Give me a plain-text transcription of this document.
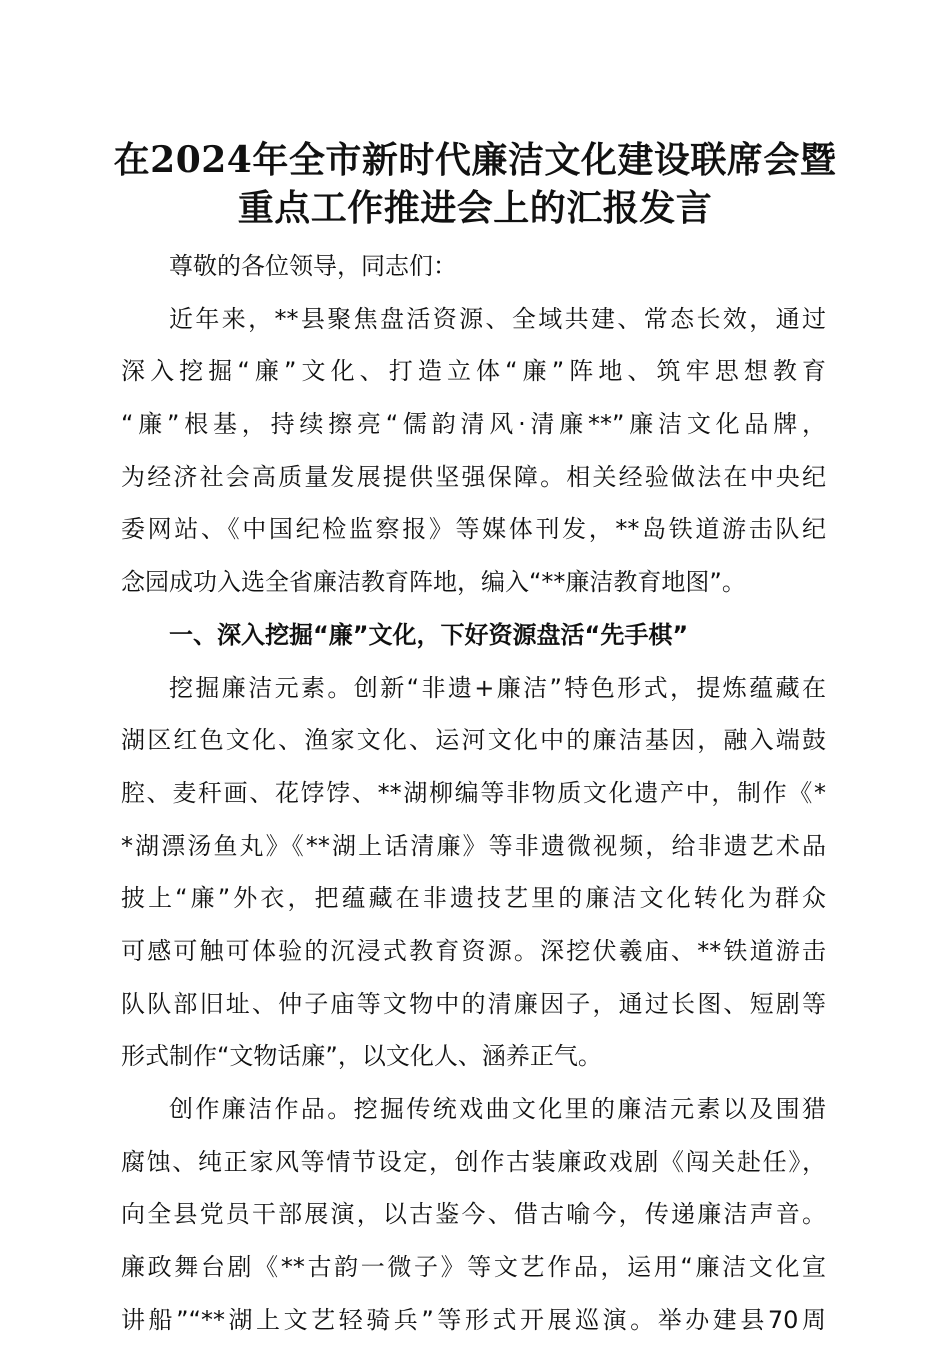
在2024年全市新时代廉洁文化建设联席会暨
重点工作推进会上的汇报发言
尊敬的各位领导，同志们：
近年来，**县聚焦盘活资源、全域共建、常态长效，通过
深入挖掘“廉”文化、打造立体“廉”阵地、筑牢思想教育
“廉”根基，持续擦亮“儒韵清风·清廉**”廉洁文化品牌，
为经济社会高质量发展提供坚强保障。相关经验做法在中央纪
委网站、《中国纪检监察报》等媒体刊发，**岛铁道游击队纪
念园成功入选全省廉洁教育阵地，编入“**廉洁教育地图”。
一、深入挖掘“廉”文化，下好资源盘活“先手棋”
挖掘廉洁元素。创新“非遗+廉洁”特色形式，提炼蕴藏在
湖区红色文化、渔家文化、运河文化中的廉洁基因，融入端鼓
腔、麦秆画、花饽饽、**湖柳编等非物质文化遗产中，制作《*
*湖漂汤鱼丸》《**湖上话清廉》等非遗微视频，给非遗艺术品
披上“廉”外衣，把蕴藏在非遗技艺里的廉洁文化转化为群众
可感可触可体验的沉浸式教育资源。深挖伏羲庙、**铁道游击
队队部旧址、仲子庙等文物中的清廉因子，通过长图、短剧等
形式制作“文物话廉”，以文化人、涵养正气。
创作廉洁作品。挖掘传统戏曲文化里的廉洁元素以及围猎
腐蚀、纯正家风等情节设定，创作古装廉政戏剧《闯关赴任》，
向全县党员干部展演，以古鉴今、借古喻今，传递廉洁声音。
廉政舞台剧《**古韵一微子》等文艺作品，运用“廉洁文化宣
讲船”“**湖上文艺轻骑兵”等形式开展巡演。举办建县70周
